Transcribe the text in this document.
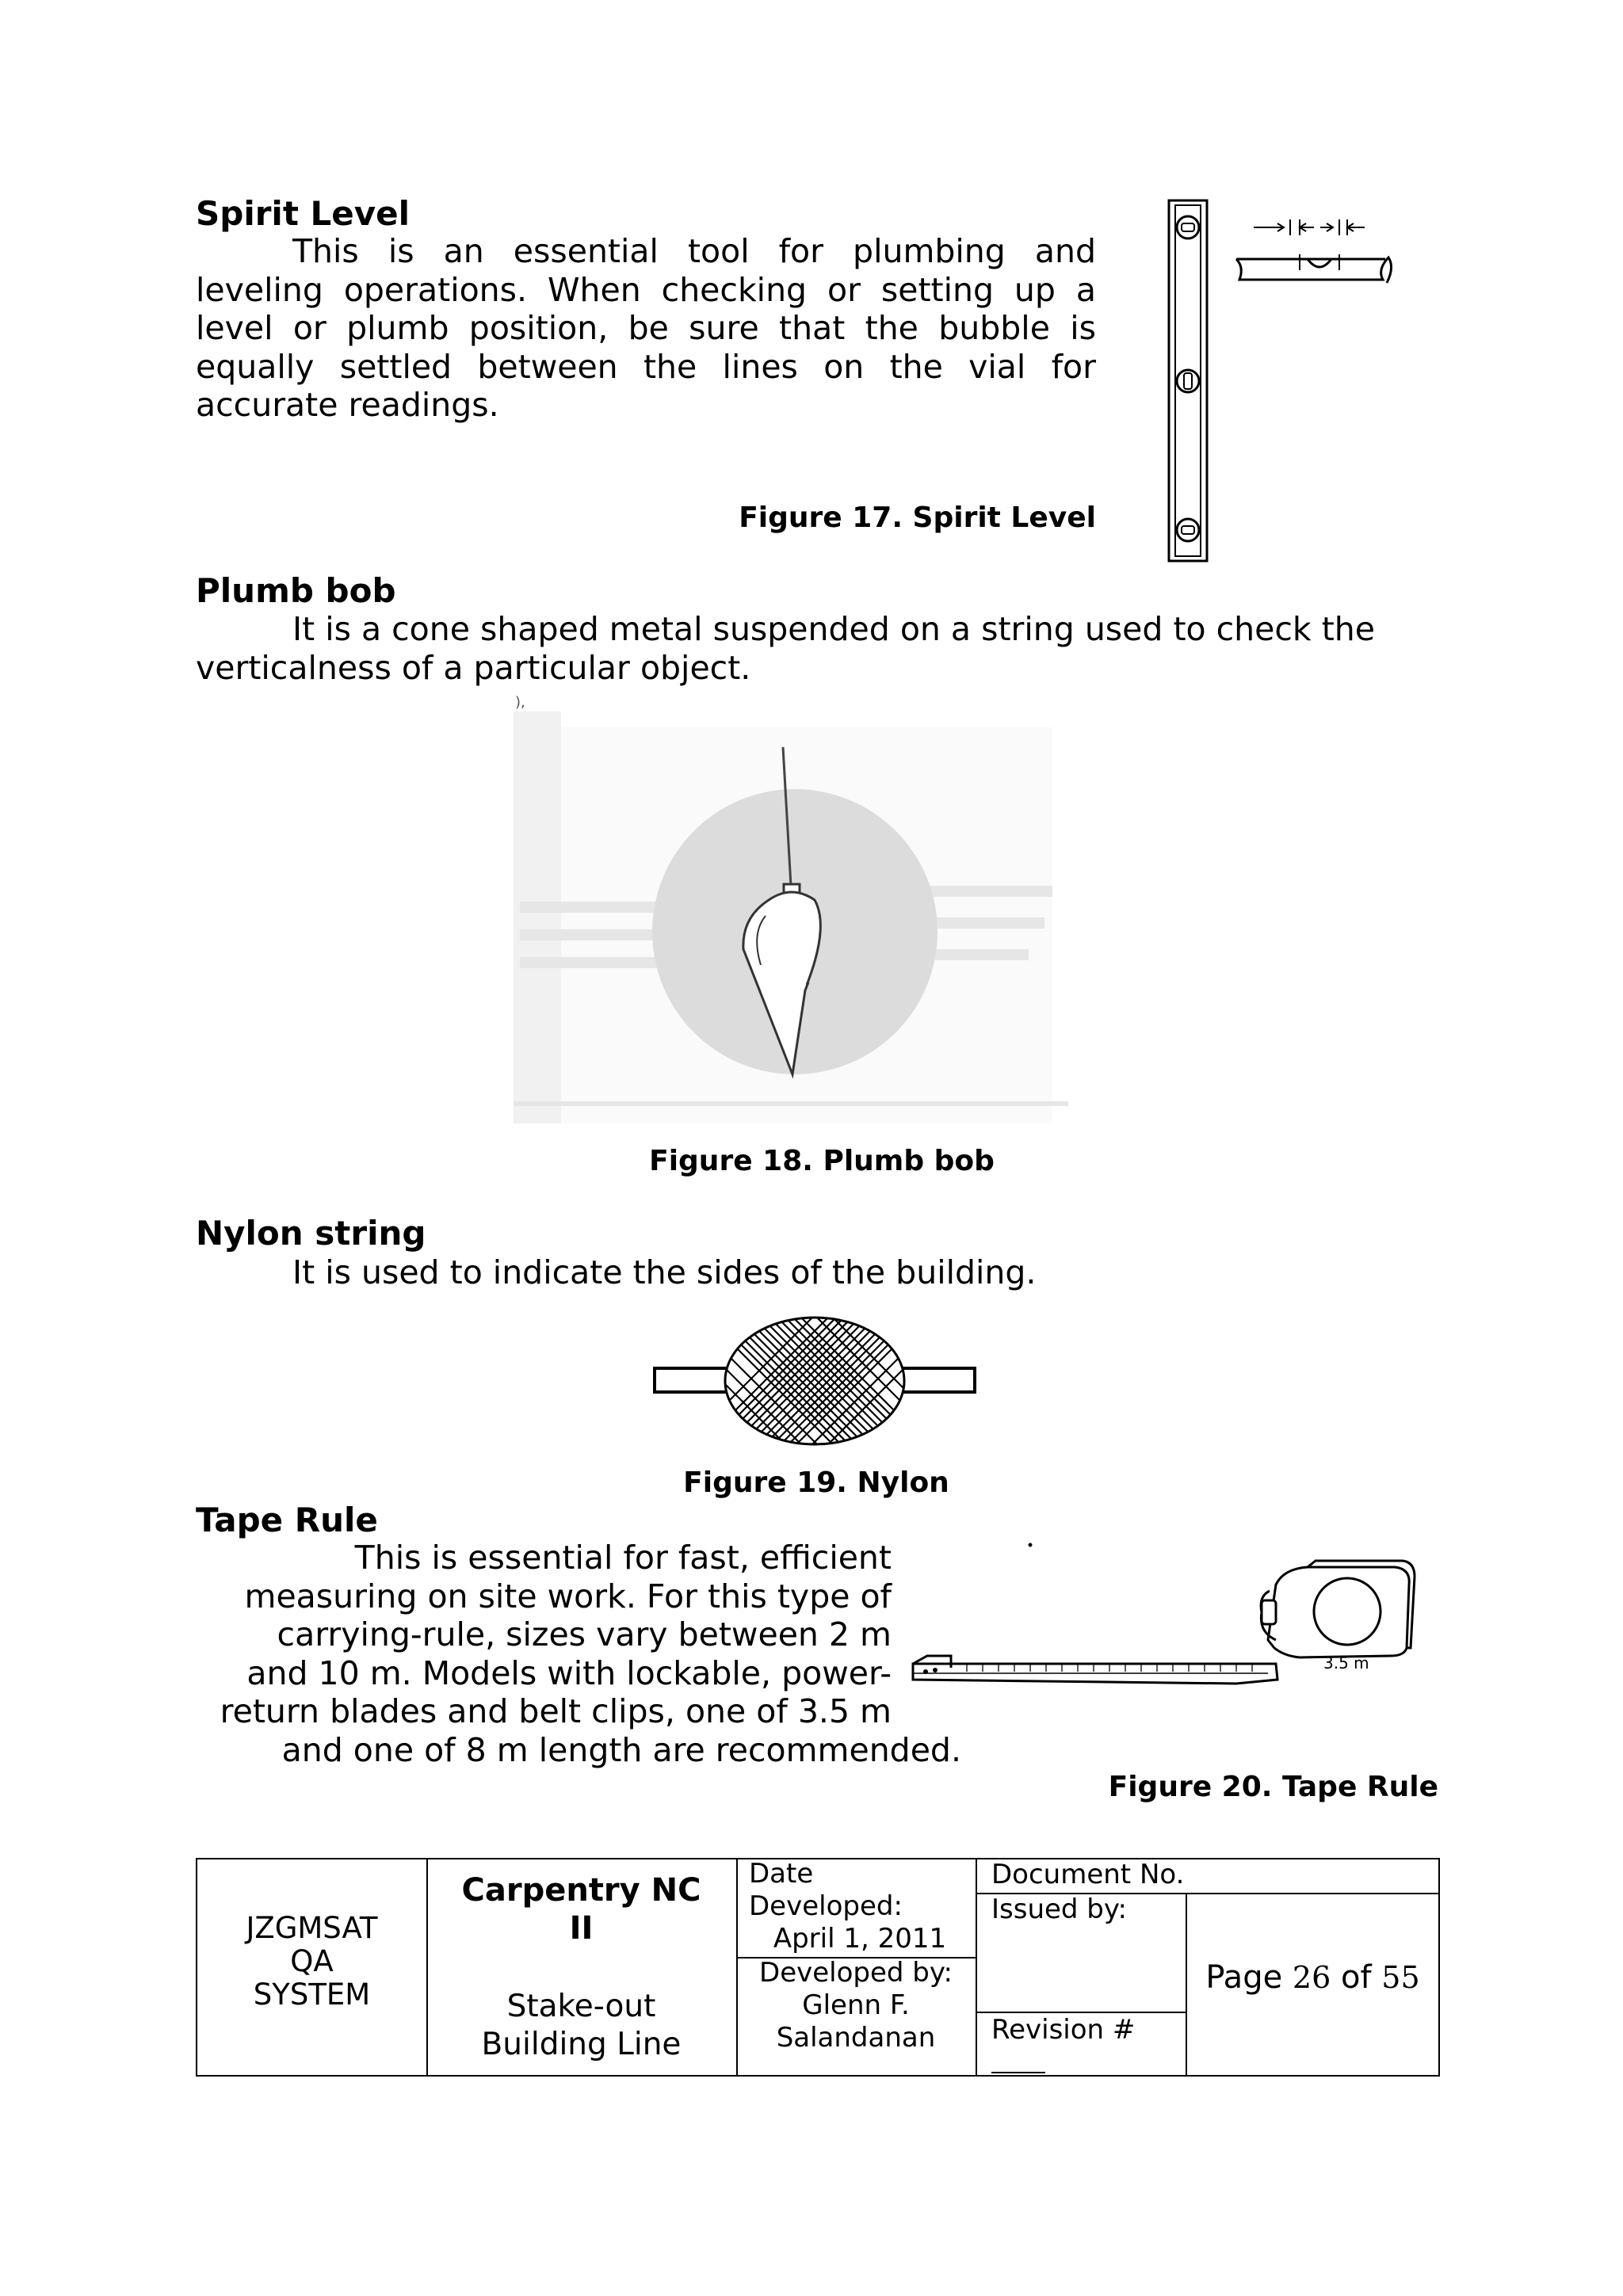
Spirit Level
This is an essential tool for plumbing and leveling operations. When checking or setting up a level or plumb position, be sure that the bubble is equally settled between the lines on the vial for accurate readings.
Figure 17. Spirit Level
Plumb bob
It is a cone shaped metal suspended on a string used to check the verticalness of a particular object.
),
Figure 18. Plumb bob
Nylon string
It is used to indicate the sides of the building.
Figure 19. Nylon
Tape Rule
This is essential for fast, efficient
measuring on site work. For this type of
carrying-rule, sizes vary between 2 m
and 10 m. Models with lockable, power-
return blades and belt clips, one of 3.5 m
and one of 8 m length are recommended.
3.5 m
Figure 20. Tape Rule
JZGMSAT
QA
SYSTEM
Carpentry NC
II
Stake-out
Building Line
Date
Developed:
April 1, 2011
Developed by:
Glenn F.
Salandanan
Document No.
Issued by:
Revision #
Page 26 of 55
